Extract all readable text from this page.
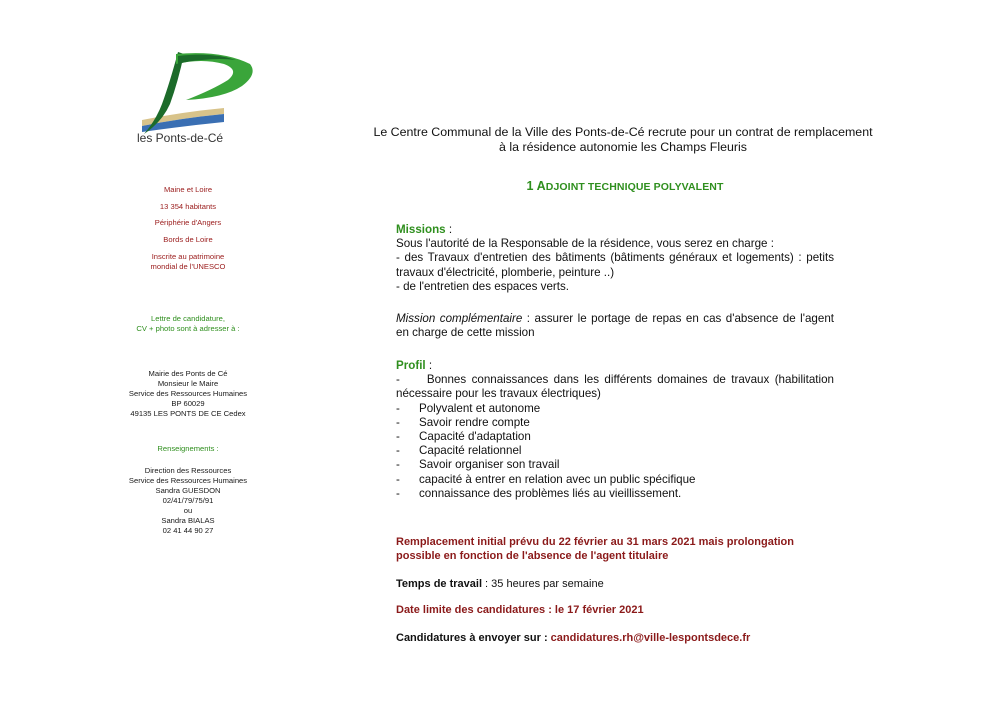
les Ponts-de-Cé
Maine et Loire
13 354 habitants
Périphérie d'Angers
Bords de Loire
Inscrite au patrimoine
mondial de l'UNESCO
Lettre de candidature,
CV + photo sont à adresser à :
Mairie des Ponts de Cé
Monsieur le Maire
Service des Ressources Humaines
BP 60029
49135 LES PONTS DE CE Cedex
Renseignements :
Direction des Ressources
Service des Ressources Humaines
Sandra GUESDON
02/41/79/75/91
ou
Sandra BIALAS
02 41 44 90 27
Le Centre Communal de la Ville des Ponts-de-Cé recrute pour un contrat de remplacement
à la résidence autonomie les Champs Fleuris
1 ADJOINT TECHNIQUE POLYVALENT
Missions :
Sous l'autorité de la Responsable de la résidence, vous serez en charge :
- des Travaux d'entretien des bâtiments (bâtiments généraux et logements) : petits travaux d'électricité, plomberie, peinture ..)
- de l'entretien des espaces verts.
Mission complémentaire : assurer le portage de repas en cas d'absence de l'agent en charge de cette mission
Profil :
-     Bonnes connaissances dans les différents domaines de travaux (habilitation nécessaire pour les travaux électriques)
-	Polyvalent et autonome
-	Savoir rendre compte
-	Capacité d'adaptation
-	Capacité relationnel
-	Savoir organiser son travail
-	capacité à entrer en relation avec un public spécifique
-	connaissance des problèmes liés au vieillissement.
Remplacement initial prévu du 22 février au 31 mars 2021 mais prolongation possible en fonction de l'absence de l'agent titulaire
Temps de travail : 35 heures par semaine
Date limite des candidatures : le 17 février 2021
Candidatures à envoyer sur : candidatures.rh@ville-lespontsdece.fr
